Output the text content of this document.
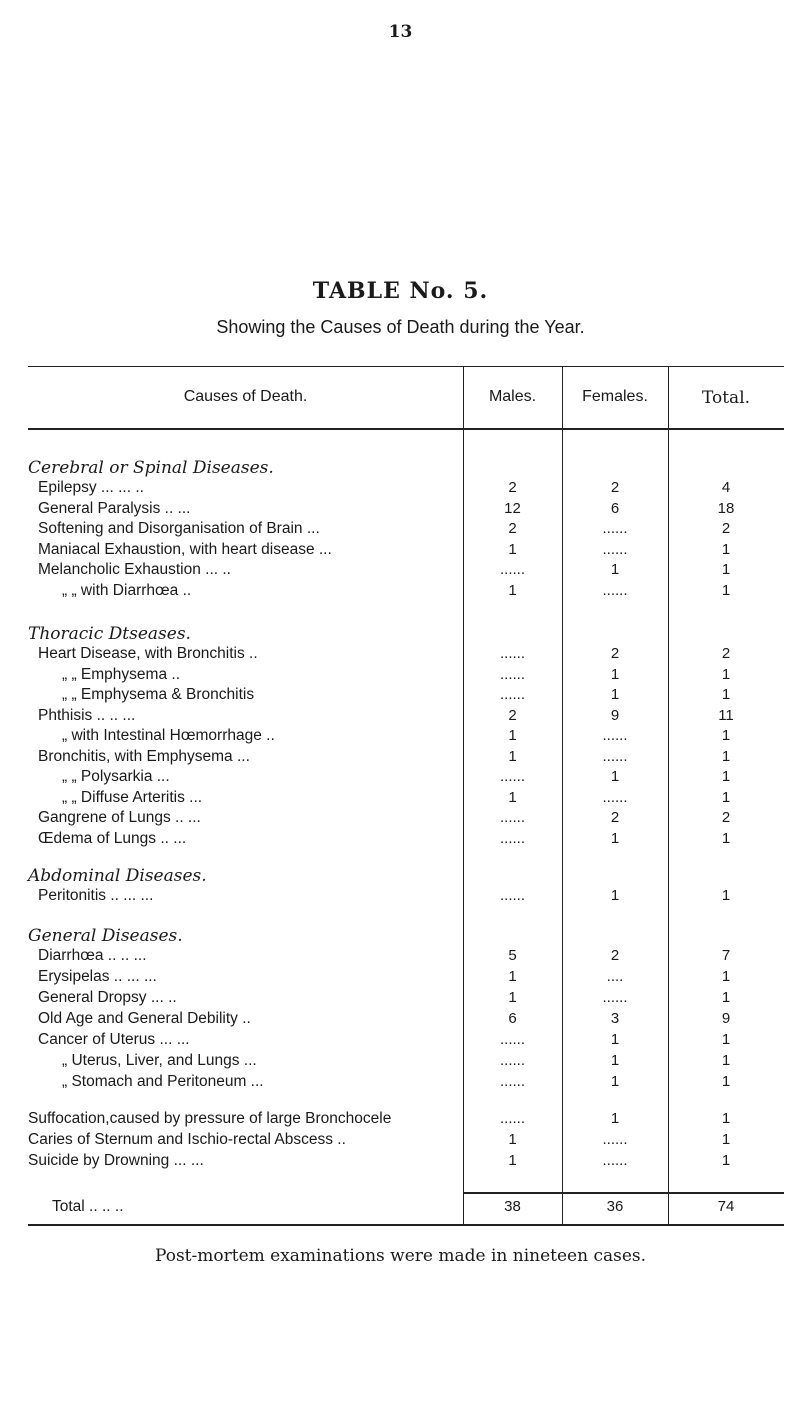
13
TABLE No. 5.
Showing the Causes of Death during the Year.
Causes of Death.	Males.	Females.	Total.
Cerebral or Spinal Diseases.
Epilepsy ... ... ..	2	2	4
General Paralysis .. ...	12	6	18
Softening and Disorganisation of Brain ...	2	......	2
Maniacal Exhaustion, with heart disease ...	1	......	1
Melancholic Exhaustion ... ..	......	1	1
„ „ with Diarrhœa ..	1	......	1
Thoracic Dtseases.
Heart Disease, with Bronchitis ..	......	2	2
„ „ Emphysema ..	......	1	1
„ „ Emphysema & Bronchitis	......	1	1
Phthisis .. .. ...	2	9	11
„ with Intestinal Hœmorrhage ..	1	......	1
Bronchitis, with Emphysema ...	1	......	1
„ „ Polysarkia ...	......	1	1
„ „ Diffuse Arteritis ...	1	......	1
Gangrene of Lungs .. ...	......	2	2
Œdema of Lungs .. ...	......	1	1
Abdominal Diseases.
Peritonitis .. ... ...	......	1	1
General Diseases.
Diarrhœa .. .. ...	5	2	7
Erysipelas .. ... ...	1	....	1
General Dropsy ... ..	1	......	1
Old Age and General Debility ..	6	3	9
Cancer of Uterus ... ...	......	1	1
„ Uterus, Liver, and Lungs ...	......	1	1
„ Stomach and Peritoneum ...	......	1	1
Suffocation,caused by pressure of large Bronchocele	......	1	1
Caries of Sternum and Ischio-rectal Abscess ..	1	......	1
Suicide by Drowning ... ...	1	......	1
Total .. .. ..	38	36	74
Post-mortem examinations were made in nineteen cases.
